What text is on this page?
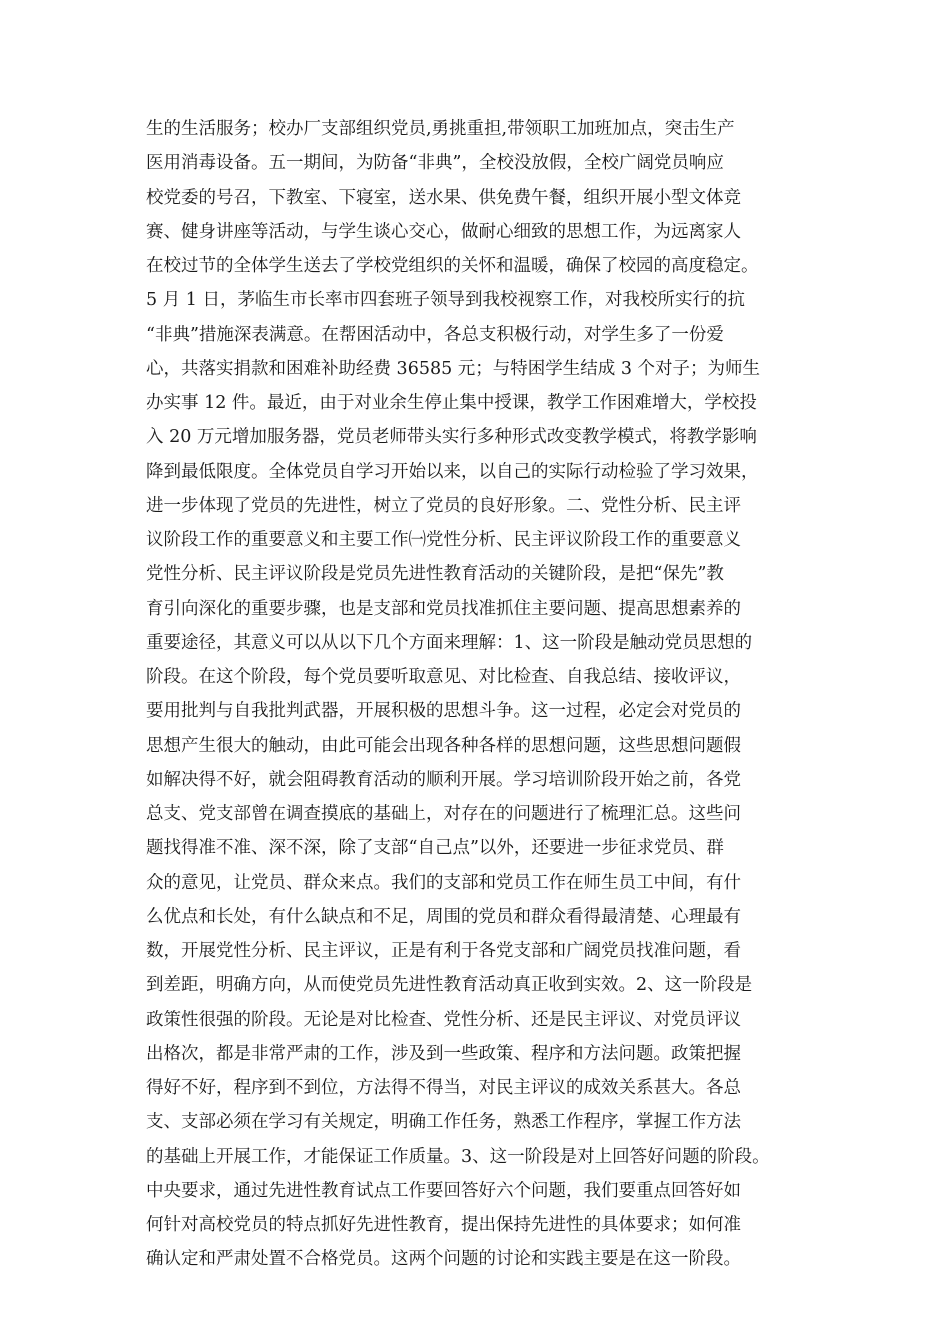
生的生活服务；校办厂支部组织党员,勇挑重担,带领职工加班加点，突击生产
医用消毒设备。五一期间，为防备“非典”，全校没放假，全校广阔党员响应
校党委的号召，下教室、下寝室，送水果、供免费午餐，组织开展小型文体竞
赛、健身讲座等活动，与学生谈心交心，做耐心细致的思想工作，为远离家人
在校过节的全体学生送去了学校党组织的关怀和温暖，确保了校园的高度稳定。
5 月 1 日，茅临生市长率市四套班子领导到我校视察工作，对我校所实行的抗
“非典”措施深表满意。在帮困活动中，各总支积极行动，对学生多了一份爱
心，共落实捐款和困难补助经费 36585 元；与特困学生结成 3 个对子；为师生
办实事 12 件。最近，由于对业余生停止集中授课，教学工作困难增大，学校投
入 20 万元增加服务器，党员老师带头实行多种形式改变教学模式，将教学影响
降到最低限度。全体党员自学习开始以来，以自己的实际行动检验了学习效果，
进一步体现了党员的先进性，树立了党员的良好形象。二、党性分析、民主评
议阶段工作的重要意义和主要工作㈠党性分析、民主评议阶段工作的重要意义
党性分析、民主评议阶段是党员先进性教育活动的关键阶段，是把“保先”教
育引向深化的重要步骤，也是支部和党员找准抓住主要问题、提高思想素养的
重要途径，其意义可以从以下几个方面来理解：1、这一阶段是触动党员思想的
阶段。在这个阶段，每个党员要听取意见、对比检查、自我总结、接收评议，
要用批判与自我批判武器，开展积极的思想斗争。这一过程，必定会对党员的
思想产生很大的触动，由此可能会出现各种各样的思想问题，这些思想问题假
如解决得不好，就会阻碍教育活动的顺利开展。学习培训阶段开始之前，各党
总支、党支部曾在调查摸底的基础上，对存在的问题进行了梳理汇总。这些问
题找得准不准、深不深，除了支部“自己点”以外，还要进一步征求党员、群
众的意见，让党员、群众来点。我们的支部和党员工作在师生员工中间，有什
么优点和长处，有什么缺点和不足，周围的党员和群众看得最清楚、心理最有
数，开展党性分析、民主评议，正是有利于各党支部和广阔党员找准问题，看
到差距，明确方向，从而使党员先进性教育活动真正收到实效。2、这一阶段是
政策性很强的阶段。无论是对比检查、党性分析、还是民主评议、对党员评议
出格次，都是非常严肃的工作，涉及到一些政策、程序和方法问题。政策把握
得好不好，程序到不到位，方法得不得当，对民主评议的成效关系甚大。各总
支、支部必须在学习有关规定，明确工作任务，熟悉工作程序，掌握工作方法
的基础上开展工作，才能保证工作质量。3、这一阶段是对上回答好问题的阶段。
中央要求，通过先进性教育试点工作要回答好六个问题，我们要重点回答好如
何针对高校党员的特点抓好先进性教育，提出保持先进性的具体要求；如何准
确认定和严肃处置不合格党员。这两个问题的讨论和实践主要是在这一阶段。
